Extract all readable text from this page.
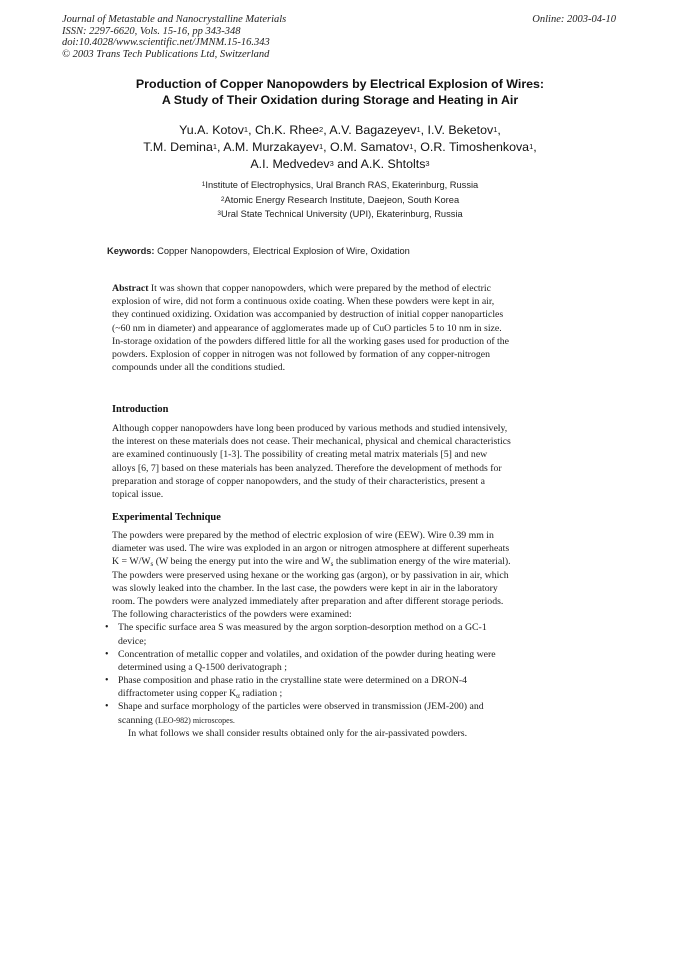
Journal of Metastable and Nanocrystalline Materials
ISSN: 2297-6620, Vols. 15-16, pp 343-348
doi:10.4028/www.scientific.net/JMNM.15-16.343
© 2003 Trans Tech Publications Ltd, Switzerland
Online: 2003-04-10
Production of Copper Nanopowders by Electrical Explosion of Wires:
A Study of Their Oxidation during Storage and Heating in Air
Yu.A. Kotov$^1$, Ch.K. Rhee$^2$, A.V. Bagazeyev$^1$, I.V. Beketov$^1$,
T.M. Demina$^1$, A.M. Murzakayev$^1$, O.M. Samatov$^1$, O.R. Timoshenkova$^1$,
A.I. Medvedev$^3$ and A.K. Shtolts$^3$
$^1$Institute of Electrophysics, Ural Branch RAS, Ekaterinburg, Russia
$^2$Atomic Energy Research Institute, Daejeon, South Korea
$^3$Ural State Technical University (UPI), Ekaterinburg, Russia
Keywords: Copper Nanopowders, Electrical Explosion of Wire, Oxidation
Abstract It was shown that copper nanopowders, which were prepared by the method of electric
explosion of wire, did not form a continuous oxide coating. When these powders were kept in air,
they continued oxidizing. Oxidation was accompanied by destruction of initial copper nanoparticles
(~60 nm in diameter) and appearance of agglomerates made up of CuO particles 5 to 10 nm in size.
In-storage oxidation of the powders differed little for all the working gases used for production of the
powders. Explosion of copper in nitrogen was not followed by formation of any copper-nitrogen
compounds under all the conditions studied.
Introduction
Although copper nanopowders have long been produced by various methods and studied intensively,
the interest on these materials does not cease. Their mechanical, physical and chemical characteristics
are examined continuously [1-3]. The possibility of creating metal matrix materials [5] and new
alloys [6, 7] based on these materials has been analyzed. Therefore the development of methods for
preparation and storage of copper nanopowders, and the study of their characteristics, present a
topical issue.
Experimental Technique
The powders were prepared by the method of electric explosion of wire (EEW). Wire 0.39 mm in
diameter was used. The wire was exploded in an argon or nitrogen atmosphere at different superheats
$K = W/W_s$ (W being the energy put into the wire and $W_s$ the sublimation energy of the wire material).
The powders were preserved using hexane or the working gas (argon), or by passivation in air, which
was slowly leaked into the chamber. In the last case, the powders were kept in air in the laboratory
room. The powders were analyzed immediately after preparation and after different storage periods.
The following characteristics of the powders were examined:
• The specific surface area S was measured by the argon sorption-desorption method on a GC-1
device;
• Concentration of metallic copper and volatiles, and oxidation of the powder during heating were
determined using a Q-1500 derivatograph ;
• Phase composition and phase ratio in the crystalline state were determined on a DRON-4
diffractometer using copper $K_\alpha$ radiation ;
• Shape and surface morphology of the particles were observed in transmission (JEM-200) and
scanning (LEO-982) microscopes.
In what follows we shall consider results obtained only for the air-passivated powders.
